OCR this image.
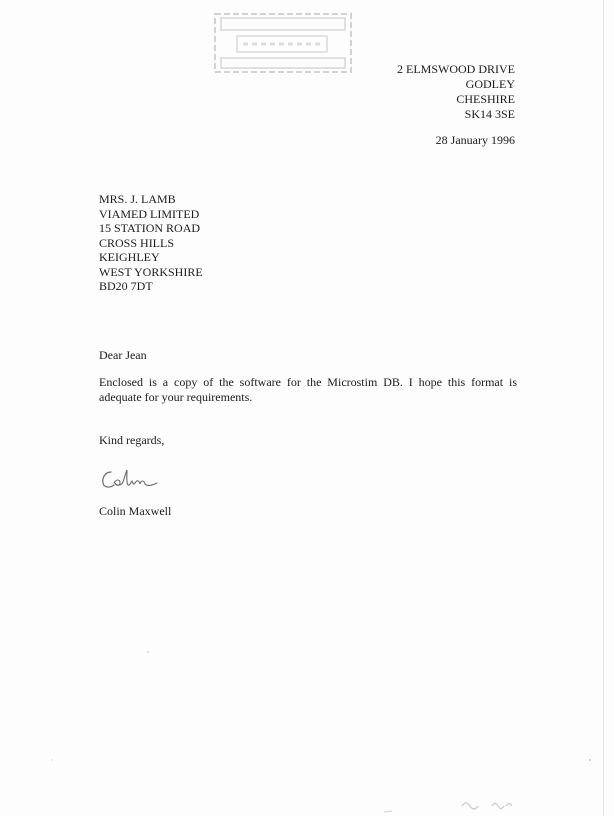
2 ELMSWOOD DRIVE
GODLEY
CHESHIRE
SK14 3SE
28 January 1996
MRS. J. LAMB
VIAMED LIMITED
15 STATION ROAD
CROSS HILLS
KEIGHLEY
WEST YORKSHIRE
BD20 7DT
Dear Jean
Enclosed is a copy of the software for the Microstim DB. I hope this format is adequate for your requirements.
Kind regards,
Colin Maxwell
